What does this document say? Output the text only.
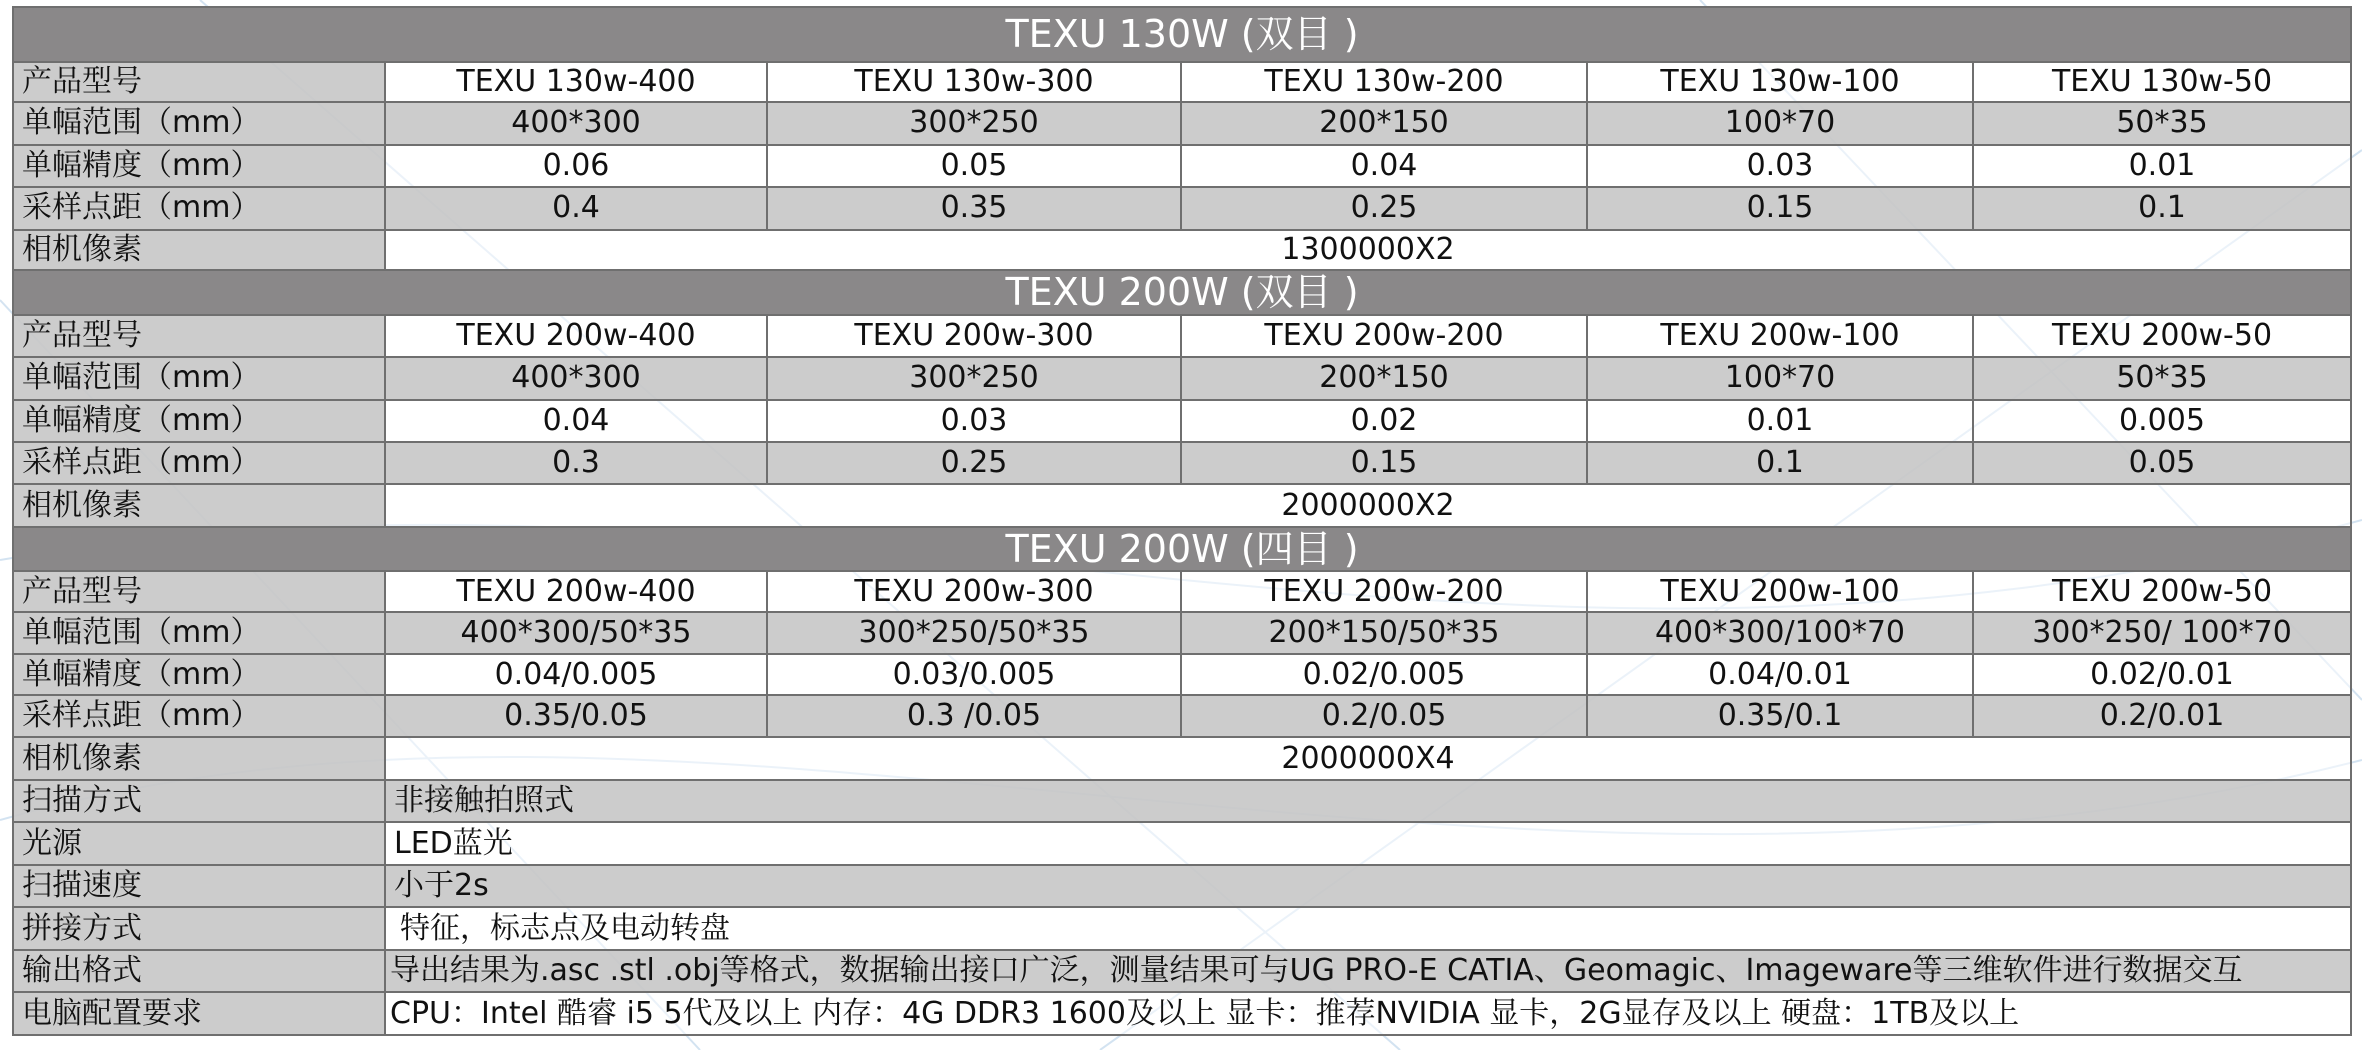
TEXU 130W (双目 )					
产品型号	TEXU 130w-400	TEXU 130w-300	TEXU 130w-200	TEXU 130w-100	TEXU 130w-50
单幅范围（mm）	400*300	300*250	200*150	100*70	50*35
单幅精度（mm）	0.06	0.05	0.04	0.03	0.01
采样点距（mm）	0.4	0.35	0.25	0.15	0.1
相机像素	1300000X2				
TEXU 200W (双目 )					
产品型号	TEXU 200w-400	TEXU 200w-300	TEXU 200w-200	TEXU 200w-100	TEXU 200w-50
单幅范围（mm）	400*300	300*250	200*150	100*70	50*35
单幅精度（mm）	0.04	0.03	0.02	0.01	0.005
采样点距（mm）	0.3	0.25	0.15	0.1	0.05
相机像素	2000000X2				
TEXU 200W (四目 )					
产品型号	TEXU 200w-400	TEXU 200w-300	TEXU 200w-200	TEXU 200w-100	TEXU 200w-50
单幅范围（mm）	400*300/50*35	300*250/50*35	200*150/50*35	400*300/100*70	300*250/ 100*70
单幅精度（mm）	0.04/0.005	0.03/0.005	0.02/0.005	0.04/0.01	0.02/0.01
采样点距（mm）	0.35/0.05	0.3 /0.05	0.2/0.05	0.35/0.1	0.2/0.01
相机像素	2000000X4				
扫描方式	非接触拍照式				
光源	LED蓝光				
扫描速度	小于2s				
拼接方式	特征，标志点及电动转盘				
输出格式	导出结果为.asc .stl .obj等格式，数据输出接口广泛，测量结果可与UG PRO-E CATIA、Geomagic、Imageware等三维软件进行数据交互				
电脑配置要求	CPU：Intel 酷睿 i5 5代及以上 内存：4G DDR3 1600及以上 显卡：推荐NVIDIA 显卡，2G显存及以上 硬盘：1TB及以上				
